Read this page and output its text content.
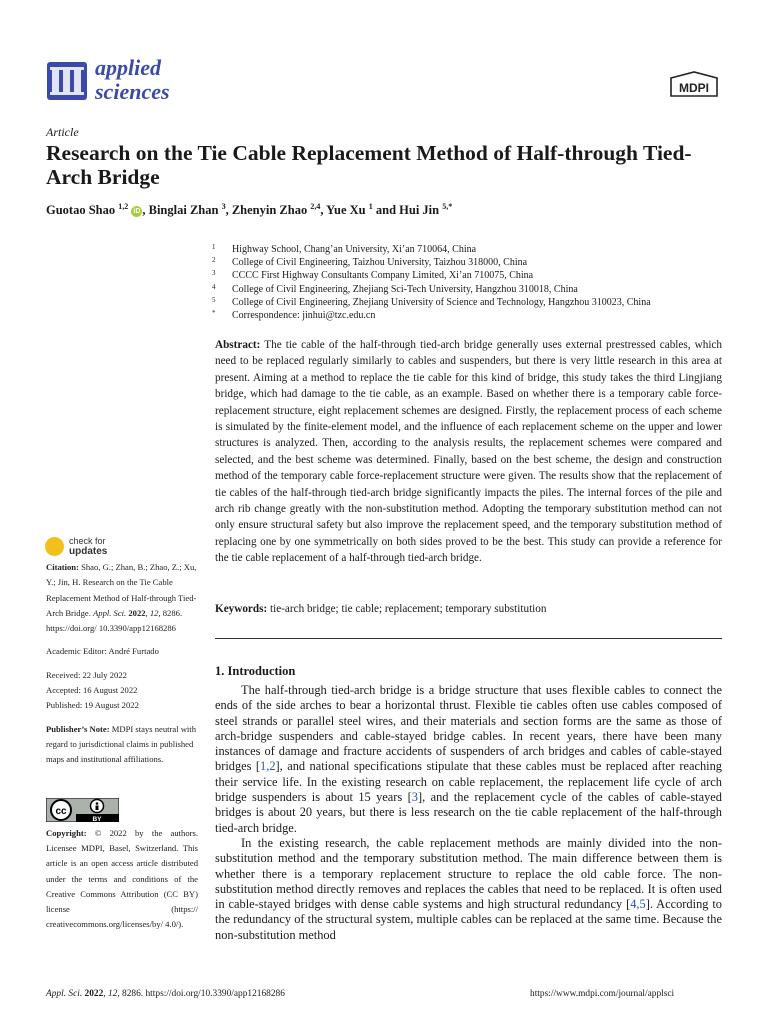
applied
sciences	MDPI
Article
Research on the Tie Cable Replacement Method of Half-through Tied-Arch Bridge
Guotao Shao $^{1,2}$ iD , Binglai Zhan $^3$, Zhenyin Zhao $^{2,4}$, Yue Xu $^1$ and Hui Jin $^{5,*}$
1 Highway School, Chang’an University, Xi’an 710064, China
2 College of Civil Engineering, Taizhou University, Taizhou 318000, China
3 CCCC First Highway Consultants Company Limited, Xi’an 710075, China
4 College of Civil Engineering, Zhejiang Sci-Tech University, Hangzhou 310018, China
5 College of Civil Engineering, Zhejiang University of Science and Technology, Hangzhou 310023, China
* Correspondence: jinhui@tzc.edu.cn
Abstract: The tie cable of the half-through tied-arch bridge generally uses external prestressed cables, which need to be replaced regularly similarly to cables and suspenders, but there is very little research in this area at present. Aiming at a method to replace the tie cable for this kind of bridge, this study takes the third Lingjiang bridge, which had damage to the tie cable, as an example. Based on whether there is a temporary cable force-replacement structure, eight replacement schemes are designed. Firstly, the replacement process of each scheme is simulated by the finite-element model, and the influence of each replacement scheme on the upper and lower structures is analyzed. Then, according to the analysis results, the replacement schemes were compared and selected, and the best scheme was determined. Finally, based on the best scheme, the design and construction method of the temporary cable force-replacement structure were given. The results show that the replacement of tie cables of the half-through tied-arch bridge significantly impacts the piles. The internal forces of the pile and arch rib change greatly with the non-substitution method. Adopting the temporary substitution method can not only ensure structural safety but also improve the replacement speed, and the temporary substitution method of replacing one by one symmetrically on both sides proved to be the best. This study can provide a reference for the tie cable replacement of a half-through tied-arch bridge.
Keywords: tie-arch bridge; tie cable; replacement; temporary substitution
check for
updates

Citation: Shao, G.; Zhan, B.; Zhao, Z.; Xu, Y.; Jin, H. Research on the Tie Cable Replacement Method of Half-through Tied-Arch Bridge. Appl. Sci. 2022, 12, 8286. https://doi.org/ 10.3390/app12168286

Academic Editor: André Furtado

Received: 22 July 2022
Accepted: 16 August 2022

Published: 19 August 2022

Publisher’s Note: MDPI stays neutral with regard to jurisdictional claims in published maps and institutional affiliations.

cc
BY
Copyright: © 2022 by the authors. Licensee MDPI, Basel, Switzerland. This article is an open access article distributed under the terms and conditions of the Creative Commons Attribution (CC BY) license (https:// creativecommons.org/licenses/by/ 4.0/).
1. Introduction

The half-through tied-arch bridge is a bridge structure that uses flexible cables to connect the ends of the side arches to bear a horizontal thrust. Flexible tie cables often use cables composed of steel strands or parallel steel wires, and their materials and section forms are the same as those of arch-bridge suspenders and cable-stayed bridge cables. In recent years, there have been many instances of damage and fracture accidents of suspenders of arch bridges and cables of cable-stayed bridges [1,2], and national specifications stipulate that these cables must be replaced after reaching their service life. In the existing research on cable replacement, the replacement life cycle of arch bridge suspenders is about 15 years [3], and the replacement cycle of the cables of cable-stayed bridges is about 20 years, but there is less research on the tie cable replacement of the half-through tied-arch bridge.

In the existing research, the cable replacement methods are mainly divided into the non-substitution method and the temporary substitution method. The main difference between them is whether there is a temporary replacement structure to replace the old cable force. The non-substitution method directly removes and replaces the cables that need to be replaced. It is often used in cable-stayed bridges with dense cable systems and high structural redundancy [4,5]. According to the redundancy of the structural system, multiple cables can be replaced at the same time. Because the non-substitution method

Appl. Sci. 2022, 12, 8286. https://doi.org/10.3390/app12168286	https://www.mdpi.com/journal/applsci
